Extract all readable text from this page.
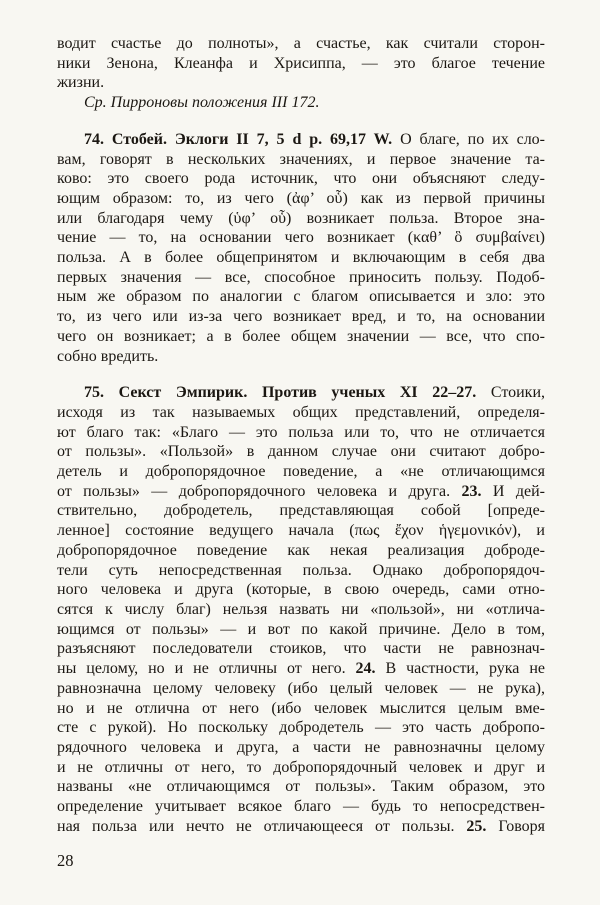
водит счастье до полноты», а счастье, как считали сторон-
ники Зенона, Клеанфа и Хрисиппа, — это благое течение
жизни.

Ср. Пирроновы положения III 172.

74. Стобей. Эклоги II 7, 5 d p. 69,17 W. О благе, по их сло-
вам, говорят в нескольких значениях, и первое значение та-
ково: это своего рода источник, что они объясняют следу-
ющим образом: то, из чего (ἀφ’ οὗ) как из первой причины
или благодаря чему (ὑφ’ οὗ) возникает польза. Второе зна-
чение — то, на основании чего возникает (καθ’ ὃ συμβαίνει)
польза. А в более общепринятом и включающим в себя два
первых значения — все, способное приносить пользу. Подоб-
ным же образом по аналогии с благом описывается и зло: это
то, из чего или из-за чего возникает вред, и то, на основании
чего он возникает; а в более общем значении — все, что спо-
собно вредить.

75. Секст Эмпирик. Против ученых XI 22–27. Стоики,
исходя из так называемых общих представлений, определя-
ют благо так: «Благо — это польза или то, что не отличается
от пользы». «Пользой» в данном случае они считают добро-
детель и добропорядочное поведение, а «не отличающимся
от пользы» — добропорядочного человека и друга. 23. И дей-
ствительно, добродетель, представляющая собой [опреде-
ленное] состояние ведущего начала (πως ἔχον ἡγεμονικόν), и
добропорядочное поведение как некая реализация доброде-
тели суть непосредственная польза. Однако добропорядоч-
ного человека и друга (которые, в свою очередь, сами отно-
сятся к числу благ) нельзя назвать ни «пользой», ни «отлича-
ющимся от пользы» — и вот по какой причине. Дело в том,
разъясняют последователи стоиков, что части не равнознач-
ны целому, но и не отличны от него. 24. В частности, рука не
равнозначна целому человеку (ибо целый человек — не рука),
но и не отлична от него (ибо человек мыслится целым вме-
сте с рукой). Но поскольку добродетель — это часть добропо-
рядочного человека и друга, а части не равнозначны целому
и не отличны от него, то добропорядочный человек и друг и
названы «не отличающимся от пользы». Таким образом, это
определение учитывает всякое благо — будь то непосредствен-
ная польза или нечто не отличающееся от пользы. 25. Говоря

28
